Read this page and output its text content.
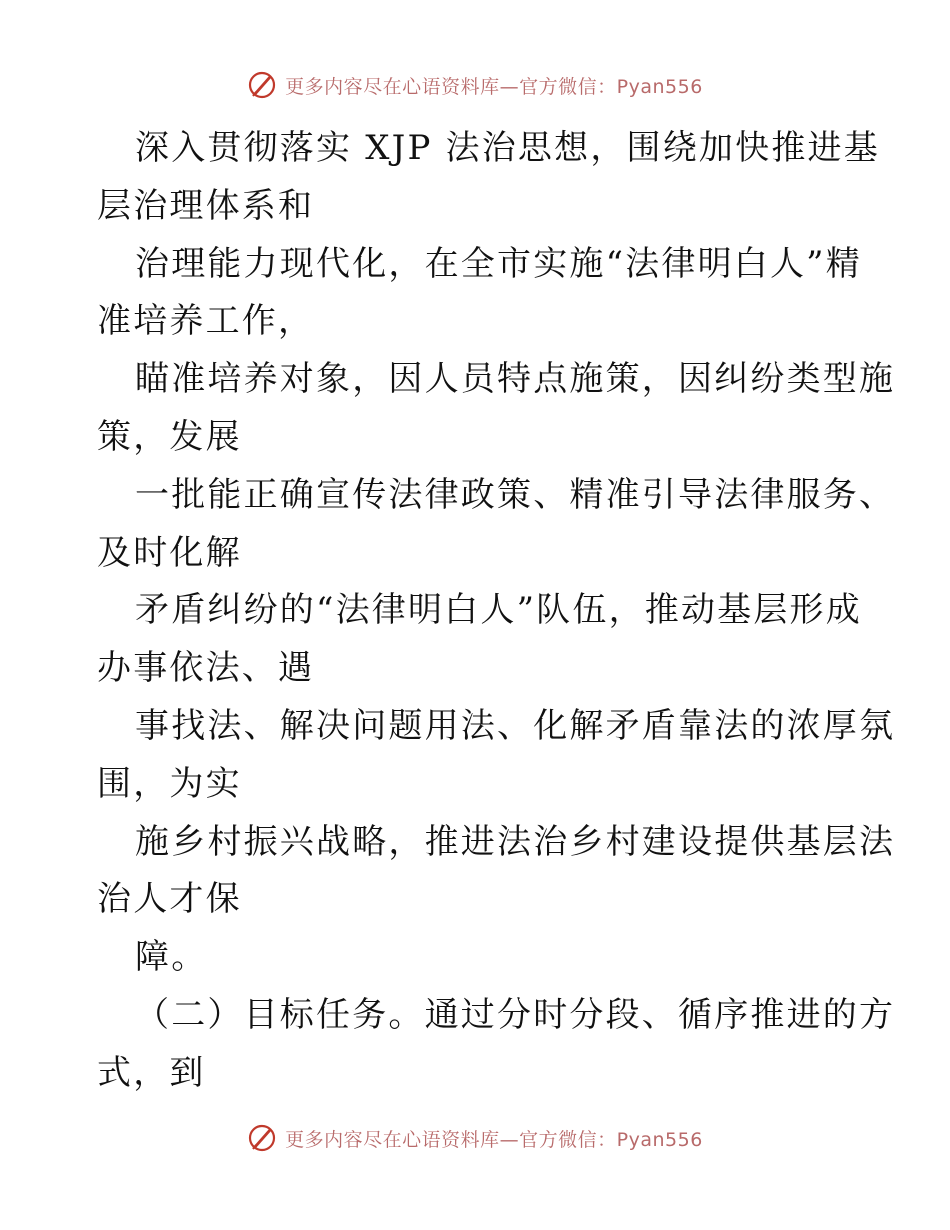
更多内容尽在心语资料库—官方微信：Pyan556
深入贯彻落实 XJP 法治思想，围绕加快推进基
层治理体系和
治理能力现代化，在全市实施“法律明白人”精
准培养工作，
瞄准培养对象，因人员特点施策，因纠纷类型施
策，发展
一批能正确宣传法律政策、精准引导法律服务、
及时化解
矛盾纠纷的“法律明白人”队伍，推动基层形成
办事依法、遇
事找法、解决问题用法、化解矛盾靠法的浓厚氛
围，为实
施乡村振兴战略，推进法治乡村建设提供基层法
治人才保
障。
（二）目标任务。通过分时分段、循序推进的方
式，到
更多内容尽在心语资料库—官方微信：Pyan556
